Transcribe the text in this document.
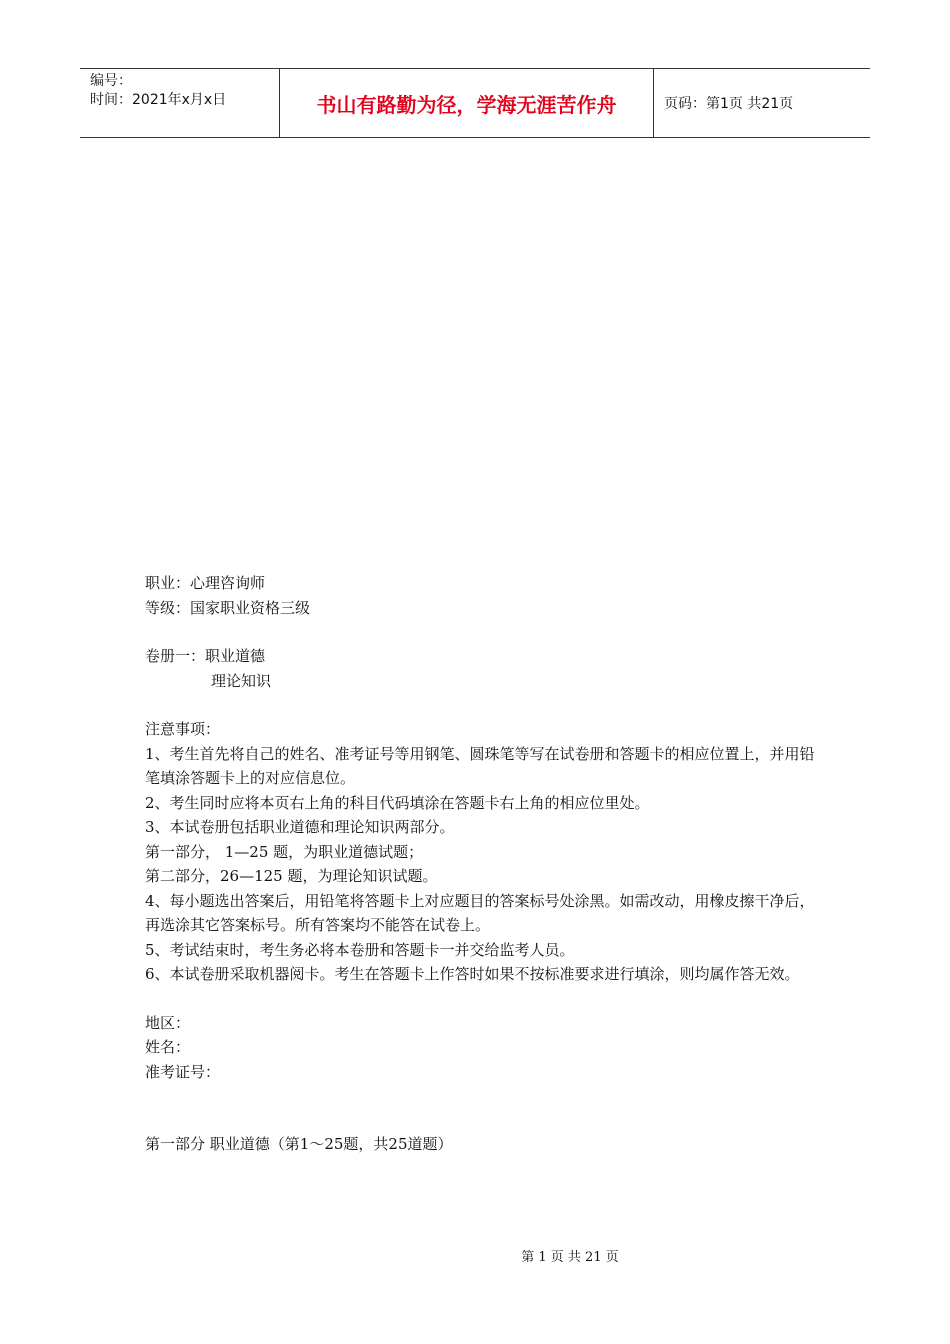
编号：
时间：2021年x月x日	书山有路勤为径，学海无涯苦作舟	页码：第1页 共21页

职业：心理咨询师

等级：国家职业资格三级

卷册一：职业道德

理论知识

注意事项：

1、考生首先将自己的姓名、准考证号等用钢笔、圆珠笔等写在试卷册和答题卡的相应位置上，并用铅笔填涂答题卡上的对应信息位。

2、考生同时应将本页右上角的科目代码填涂在答题卡右上角的相应位里处。

3、本试卷册包括职业道德和理论知识两部分。

第一部分， 1—25 题，为职业道德试题；

第二部分，26—125 题，为理论知识试题。

4、每小题选出答案后，用铅笔将答题卡上对应题目的答案标号处涂黑。如需改动，用橡皮擦干净后，再选涂其它答案标号。所有答案均不能答在试卷上。

5、考试结束时，考生务必将本卷册和答题卡一并交给监考人员。

6、本试卷册采取机器阅卡。考生在答题卡上作答时如果不按标准要求进行填涂，则均属作答无效。

地区：

姓名：

准考证号：

第一部分 职业道德（第1～25题，共25道题）

第 1 页 共 21 页
